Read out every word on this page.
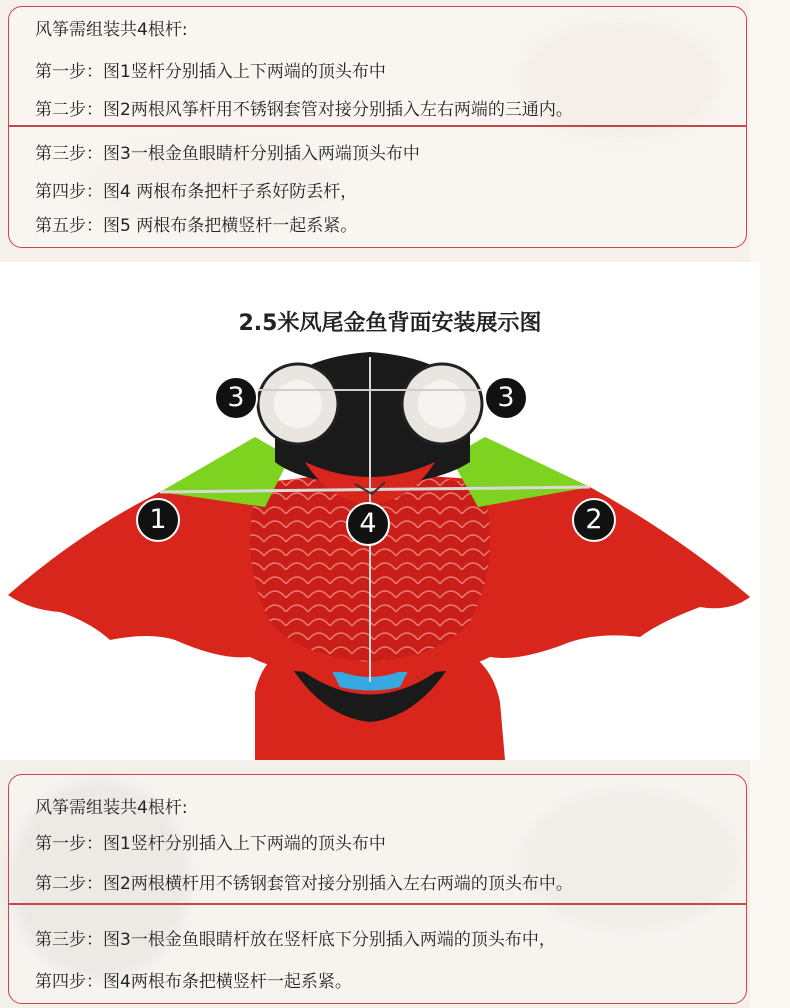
风筝需组装共4根杆:
第一步：图1竖杆分别插入上下两端的顶头布中
第二步：图2两根风筝杆用不锈钢套管对接分别插入左右两端的三通内。
第三步：图3一根金鱼眼睛杆分别插入两端顶头布中
第四步：图4 两根布条把杆子系好防丢杆，
第五步：图5 两根布条把横竖杆一起系紧。
3	3
1	4	2
2.5米凤尾金鱼背面安装展示图
风筝需组装共4根杆:
第一步：图1竖杆分别插入上下两端的顶头布中
第二步：图2两根横杆用不锈钢套管对接分别插入左右两端的顶头布中。
第三步：图3一根金鱼眼睛杆放在竖杆底下分别插入两端的顶头布中，
第四步：图4两根布条把横竖杆一起系紧。
